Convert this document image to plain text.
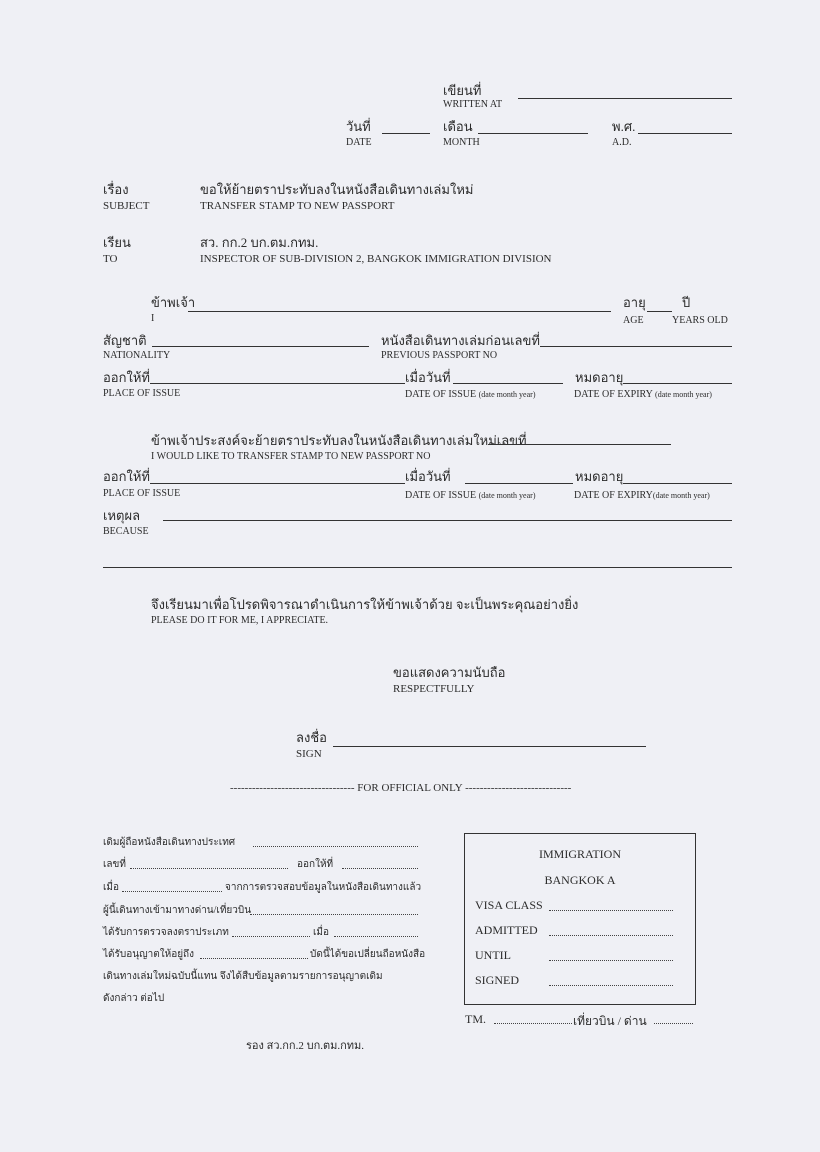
เขียนที่
WRITTEN AT
วันที่
DATE
เดือน
MONTH
พ.ศ.
A.D.
เรื่อง
SUBJECT
ขอให้ย้ายตราประทับลงในหนังสือเดินทางเล่มใหม่
TRANSFER STAMP TO NEW PASSPORT
เรียน
TO
สว. กก.2 บก.ตม.กทม.
INSPECTOR OF SUB-DIVISION 2, BANGKOK IMMIGRATION DIVISION
ข้าพเจ้า
I
อายุ
AGE
ปี
YEARS OLD
สัญชาติ
NATIONALITY
หนังสือเดินทางเล่มก่อนเลขที่
PREVIOUS PASSPORT NO
ออกให้ที่
PLACE OF ISSUE
เมื่อวันที่
DATE OF ISSUE (date month year)
หมดอายุ
DATE OF EXPIRY (date month year)
ข้าพเจ้าประสงค์จะย้ายตราประทับลงในหนังสือเดินทางเล่มใหม่เลขที่
I WOULD LIKE TO TRANSFER STAMP TO NEW PASSPORT NO
ออกให้ที่
PLACE OF ISSUE
เมื่อวันที่
DATE OF ISSUE (date month year)
หมดอายุ
DATE OF EXPIRY(date month year)
เหตุผล
BECAUSE
จึงเรียนมาเพื่อโปรดพิจารณาดำเนินการให้ข้าพเจ้าด้วย จะเป็นพระคุณอย่างยิ่ง
PLEASE DO IT FOR ME, I APPRECIATE.
ขอแสดงความนับถือ
RESPECTFULLY
ลงชื่อ
SIGN
---------------------------------- FOR OFFICIAL ONLY -----------------------------
เดิมผู้ถือหนังสือเดินทางประเทศ
เลขที่	ออกให้ที่
เมื่อ	จากการตรวจสอบข้อมูลในหนังสือเดินทางแล้ว
ผู้นี้เดินทางเข้ามาทางด่าน/เที่ยวบิน
ได้รับการตรวจลงตราประเภท	เมื่อ
ได้รับอนุญาตให้อยู่ถึง	บัดนี้ได้ขอเปลี่ยนถือหนังสือ
เดินทางเล่มใหม่ฉบับนี้แทน จึงได้สืบข้อมูลตามรายการอนุญาตเดิม
ดังกล่าว ต่อไป
รอง สว.กก.2 บก.ตม.กทม.
IMMIGRATION
BANGKOK A
VISA CLASS
ADMITTED
UNTIL
SIGNED
TM.	เที่ยวบิน / ด่าน
